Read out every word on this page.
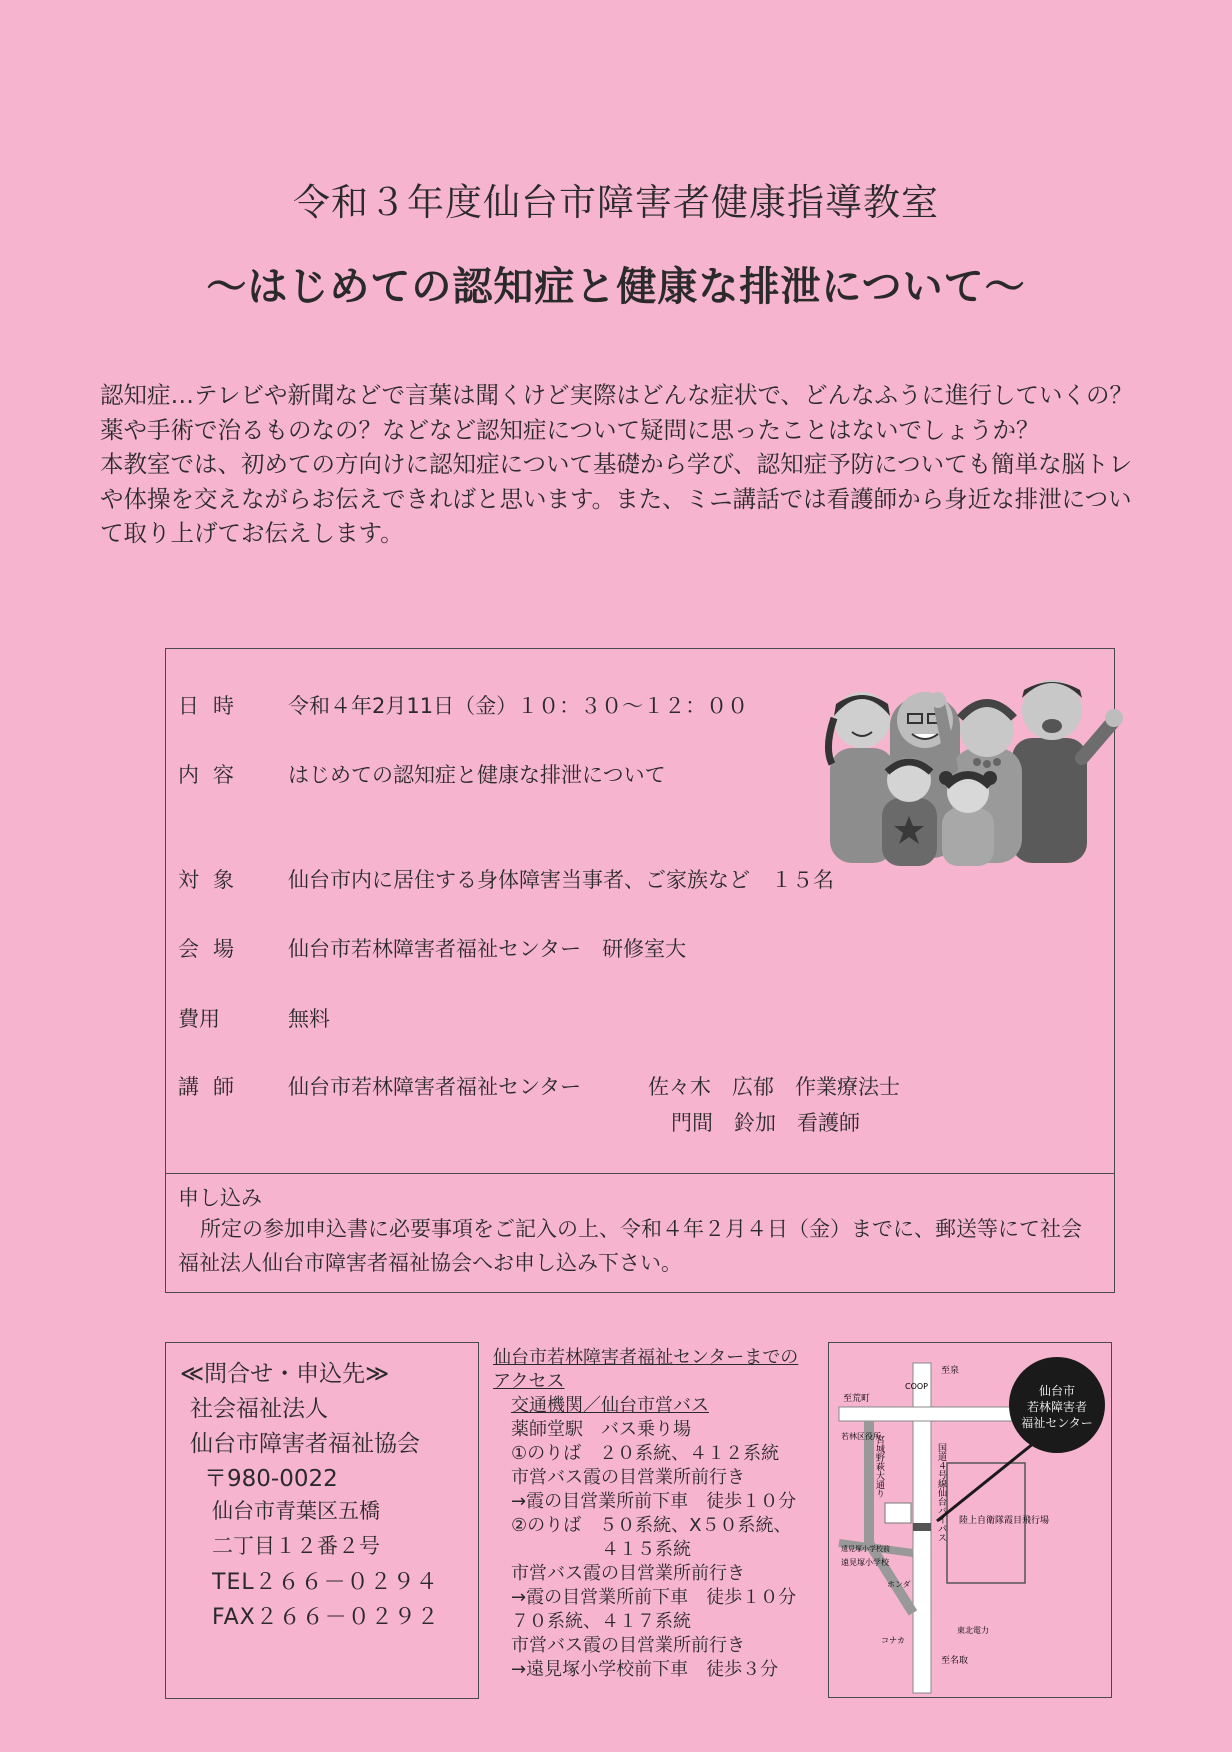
令和３年度仙台市障害者健康指導教室
～はじめての認知症と健康な排泄について～

認知症…テレビや新聞などで言葉は聞くけど実際はどんな症状で、どんなふうに進行していくの？薬や手術で治るものなの？などなど認知症について疑問に思ったことはないでしょうか？

本教室では、初めての方向けに認知症について基礎から学び、認知症予防についても簡単な脳トレや体操を交えながらお伝えできればと思います。また、ミニ講話では看護師から身近な排泄について取り上げてお伝えします。

日時	令和４年2月11日（金）１０：３０～１２：００
内容	はじめての認知症と健康な排泄について
対象	仙台市内に居住する身体障害当事者、ご家族など　１５名
会場	仙台市若林障害者福祉センター　研修室大
費用	無料
講師	仙台市若林障害者福祉センター	佐々木　広郁　作業療法士
門間　鈴加　看護師
申し込み
所定の参加申込書に必要事項をご記入の上、令和４年２月４日（金）までに、郵送等にて社会福祉法人仙台市障害者福祉協会へお申し込み下さい。
≪問合せ・申込先≫
社会福祉法人
仙台市障害者福祉協会
〒980-0022
仙台市青葉区五橋
二丁目１２番２号
TEL２６６－０２９４
FAX２６６－０２９２
仙台市若林障害者福祉センターまでの
アクセス
交通機関／仙台市営バス
薬師堂駅　バス乗り場
①のりば　２０系統、４１２系統
市営バス霞の目営業所前行き
→霞の目営業所前下車　徒歩１０分
②のりば　５０系統、X５０系統、
　　　　　４１５系統
市営バス霞の目営業所前行き
→霞の目営業所前下車　徒歩１０分
７０系統、４１７系統
市営バス霞の目営業所前行き
→遠見塚小学校前下車　徒歩３分
仙台市
若林障害者
福祉センター
至泉
至名取
至荒町
COOP
国道４号線仙台バイパス
宮城野萩大通り
陸上自衛隊霞目飛行場
若林区役所
遠見塚小学校
ホンダ
コナカ
東北電力
遠見塚小学校前
